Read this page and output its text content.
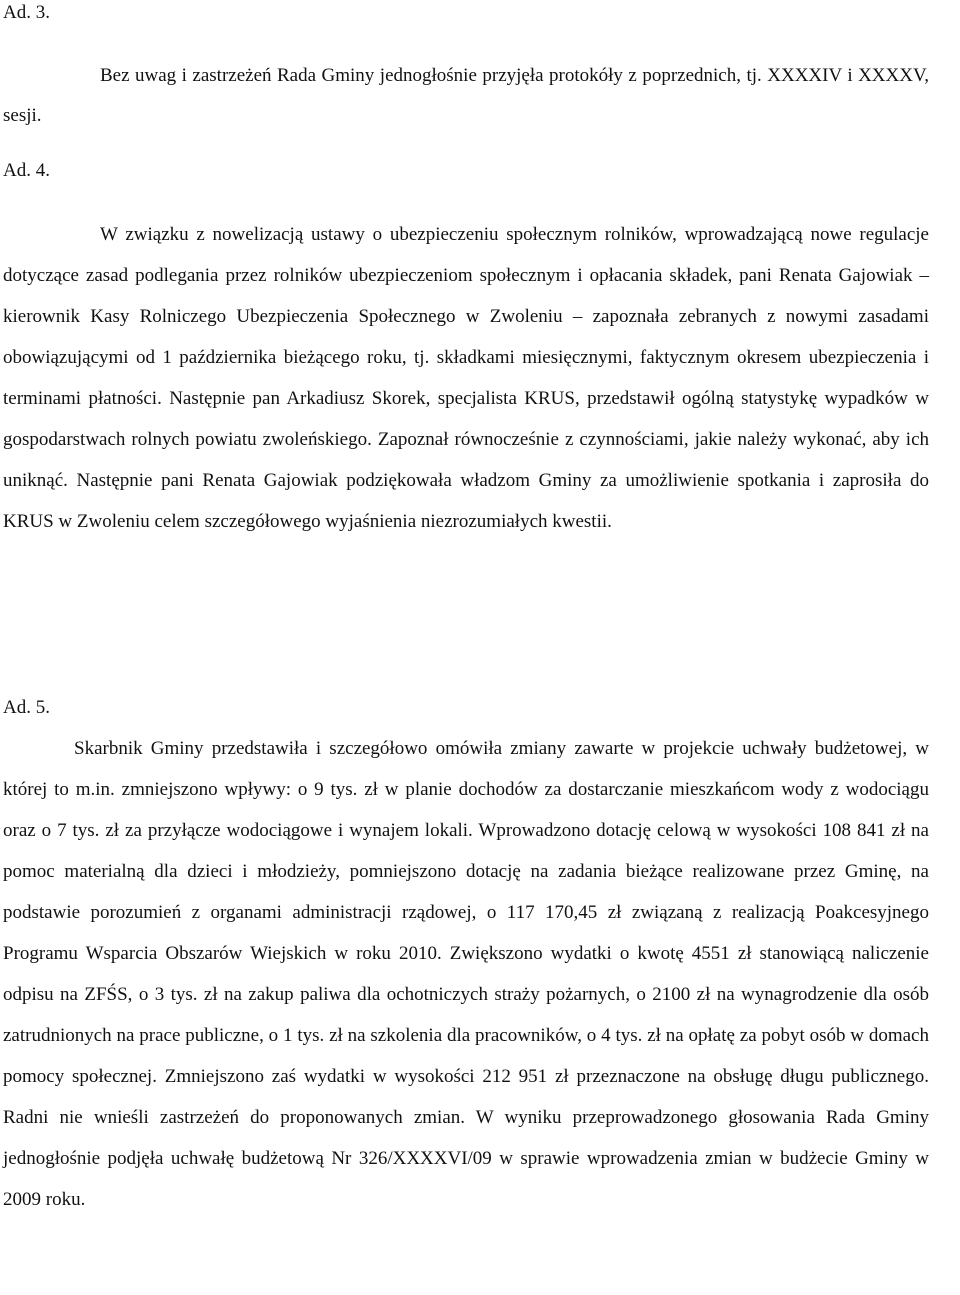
Ad. 3.

Bez uwag i zastrzeżeń Rada Gminy jednogłośnie przyjęła protokóły z poprzednich, tj. XXXXIV i XXXXV, sesji.

Ad. 4.

W związku z nowelizacją ustawy o ubezpieczeniu społecznym rolników, wprowadzającą nowe regulacje dotyczące zasad podlegania przez rolników ubezpieczeniom społecznym i opłacania składek, pani Renata Gajowiak – kierownik Kasy Rolniczego Ubezpieczenia Społecznego w Zwoleniu – zapoznała zebranych z nowymi zasadami obowiązującymi od 1 października bieżącego roku, tj. składkami miesięcznymi, faktycznym okresem ubezpieczenia i terminami płatności. Następnie pan Arkadiusz Skorek, specjalista KRUS, przedstawił ogólną statystykę wypadków w gospodarstwach rolnych powiatu zwoleńskiego. Zapoznał równocześnie z czynnościami, jakie należy wykonać, aby ich uniknąć. Następnie pani Renata Gajowiak podziękowała władzom Gminy za umożliwienie spotkania i zaprosiła do KRUS w Zwoleniu celem szczegółowego wyjaśnienia niezrozumiałych kwestii.

Ad. 5.

Skarbnik Gminy przedstawiła i szczegółowo omówiła zmiany zawarte w projekcie uchwały budżetowej, w której to m.in. zmniejszono wpływy: o 9 tys. zł w planie dochodów za dostarczanie mieszkańcom wody z wodociągu oraz o 7 tys. zł za przyłącze wodociągowe i wynajem lokali. Wprowadzono dotację celową w wysokości 108 841 zł na pomoc materialną dla dzieci i młodzieży, pomniejszono dotację na zadania bieżące realizowane przez Gminę, na podstawie porozumień z organami administracji rządowej, o 117 170,45 zł związaną z realizacją Poakcesyjnego Programu Wsparcia Obszarów Wiejskich w roku 2010. Zwiększono wydatki o kwotę 4551 zł stanowiącą naliczenie odpisu na ZFŚS, o 3 tys. zł na zakup paliwa dla ochotniczych straży pożarnych, o 2100 zł na wynagrodzenie dla osób zatrudnionych na prace publiczne, o 1 tys. zł na szkolenia dla pracowników, o 4 tys. zł na opłatę za pobyt osób w domach pomocy społecznej. Zmniejszono zaś wydatki w wysokości 212 951 zł przeznaczone na obsługę długu publicznego. Radni nie wnieśli zastrzeżeń do proponowanych zmian. W wyniku przeprowadzonego głosowania Rada Gminy jednogłośnie podjęła uchwałę budżetową Nr 326/XXXXVI/09 w sprawie wprowadzenia zmian w budżecie Gminy w 2009 roku.
